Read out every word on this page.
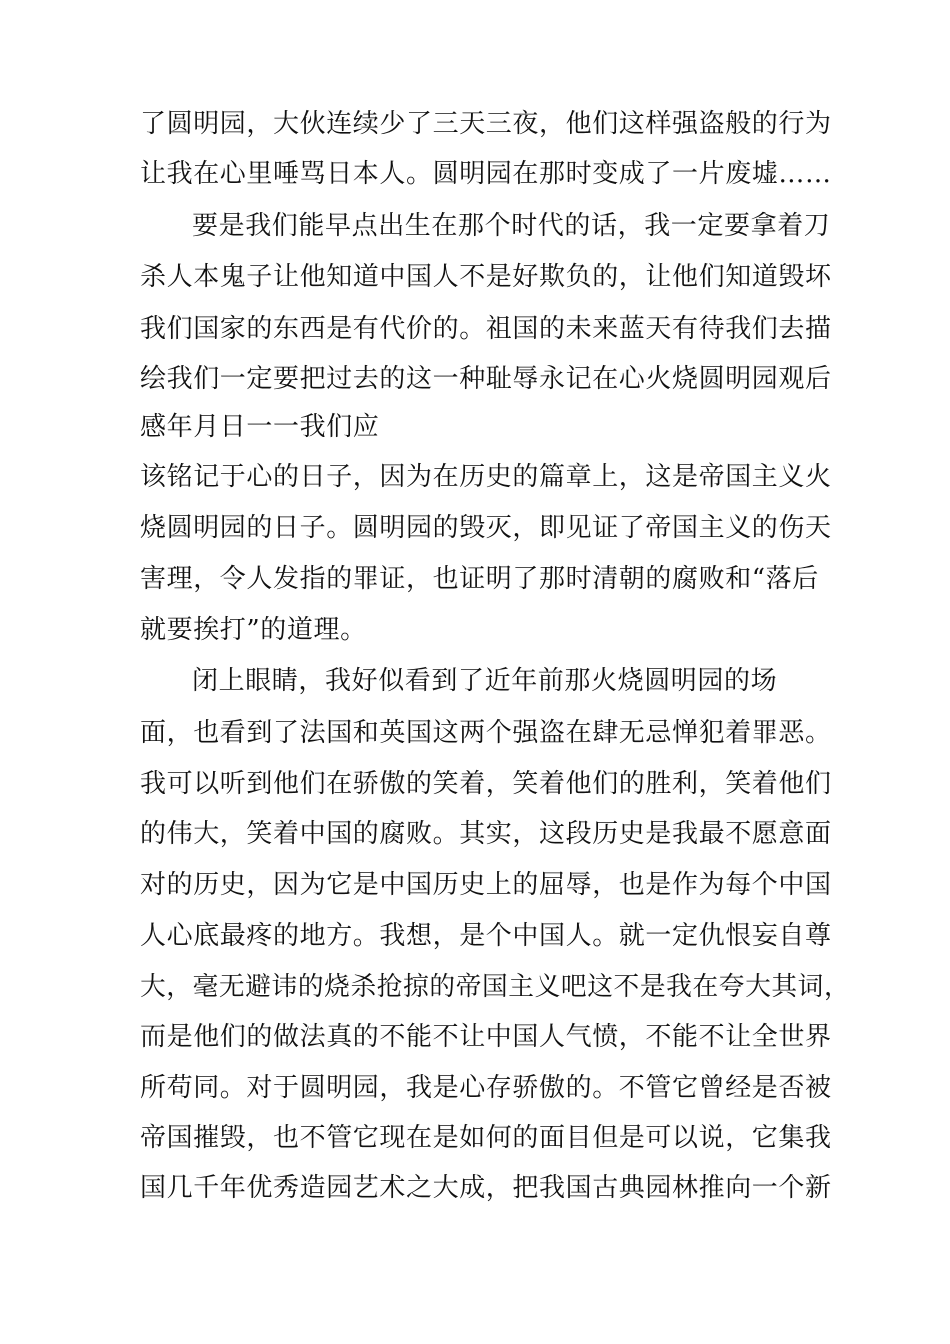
了圆明园，大伙连续少了三天三夜，他们这样强盗般的行为
让我在心里唾骂日本人。圆明园在那时变成了一片废墟……
要是我们能早点出生在那个时代的话，我一定要拿着刀
杀人本鬼子让他知道中国人不是好欺负的，让他们知道毁坏
我们国家的东西是有代价的。祖国的未来蓝天有待我们去描
绘我们一定要把过去的这一种耻辱永记在心火烧圆明园观后
感年月日一一我们应
该铭记于心的日子，因为在历史的篇章上，这是帝国主义火
烧圆明园的日子。圆明园的毁灭，即见证了帝国主义的伤天
害理，令人发指的罪证，也证明了那时清朝的腐败和“落后
就要挨打”的道理。
闭上眼睛，我好似看到了近年前那火烧圆明园的场
面，也看到了法国和英国这两个强盗在肆无忌惮犯着罪恶。
我可以听到他们在骄傲的笑着，笑着他们的胜利，笑着他们
的伟大，笑着中国的腐败。其实，这段历史是我最不愿意面
对的历史，因为它是中国历史上的屈辱，也是作为每个中国
人心底最疼的地方。我想，是个中国人。就一定仇恨妄自尊
大，毫无避讳的烧杀抢掠的帝国主义吧这不是我在夸大其词，
而是他们的做法真的不能不让中国人气愤，不能不让全世界
所苟同。对于圆明园，我是心存骄傲的。不管它曾经是否被
帝国摧毁，也不管它现在是如何的面目但是可以说，它集我
国几千年优秀造园艺术之大成，把我国古典园林推向一个新
